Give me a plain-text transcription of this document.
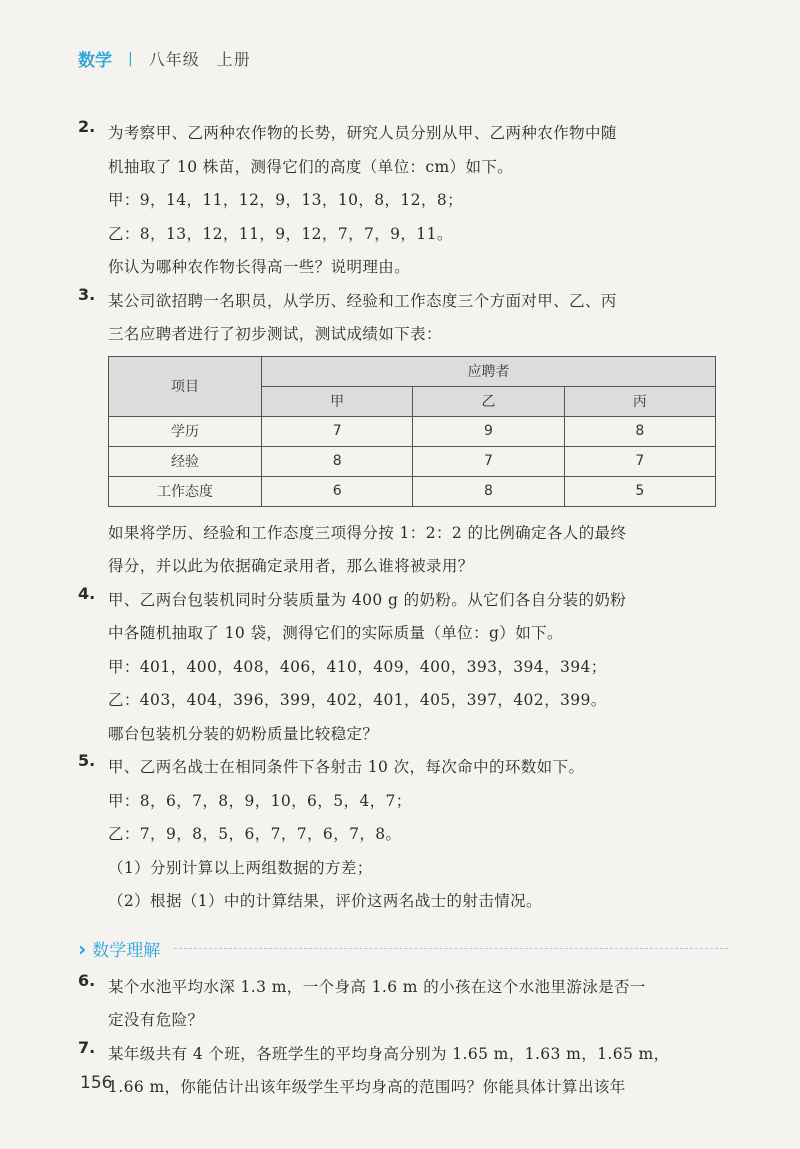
数学 | 八年级　上册
2. 为考察甲、乙两种农作物的长势，研究人员分别从甲、乙两种农作物中随
机抽取了 10 株苗，测得它们的高度（单位：cm）如下。
甲：9，14，11，12，9，13，10，8，12，8；
乙：8，13，12，11，9，12，7，7，9，11。
你认为哪种农作物长得高一些？说明理由。
3. 某公司欲招聘一名职员，从学历、经验和工作态度三个方面对甲、乙、丙
三名应聘者进行了初步测试，测试成绩如下表：
项目	应聘者		
	甲	乙	丙
学历	7	9	8
经验	8	7	7
工作态度	6	8	5
如果将学历、经验和工作态度三项得分按 1：2：2 的比例确定各人的最终
得分，并以此为依据确定录用者，那么谁将被录用？
4. 甲、乙两台包装机同时分装质量为 400 g 的奶粉。从它们各自分装的奶粉
中各随机抽取了 10 袋，测得它们的实际质量（单位：g）如下。
甲：401，400，408，406，410，409，400，393，394，394；
乙：403，404，396，399，402，401，405，397，402，399。
哪台包装机分装的奶粉质量比较稳定？
5. 甲、乙两名战士在相同条件下各射击 10 次，每次命中的环数如下。
甲：8，6，7，8，9，10，6，5，4，7；
乙：7，9，8，5，6，7，7，6，7，8。
（1）分别计算以上两组数据的方差；
（2）根据（1）中的计算结果，评价这两名战士的射击情况。
› 数学理解
6. 某个水池平均水深 1.3 m，一个身高 1.6 m 的小孩在这个水池里游泳是否一
定没有危险？
7. 某年级共有 4 个班，各班学生的平均身高分别为 1.65 m，1.63 m，1.65 m，
1.66 m，你能估计出该年级学生平均身高的范围吗？你能具体计算出该年
156
